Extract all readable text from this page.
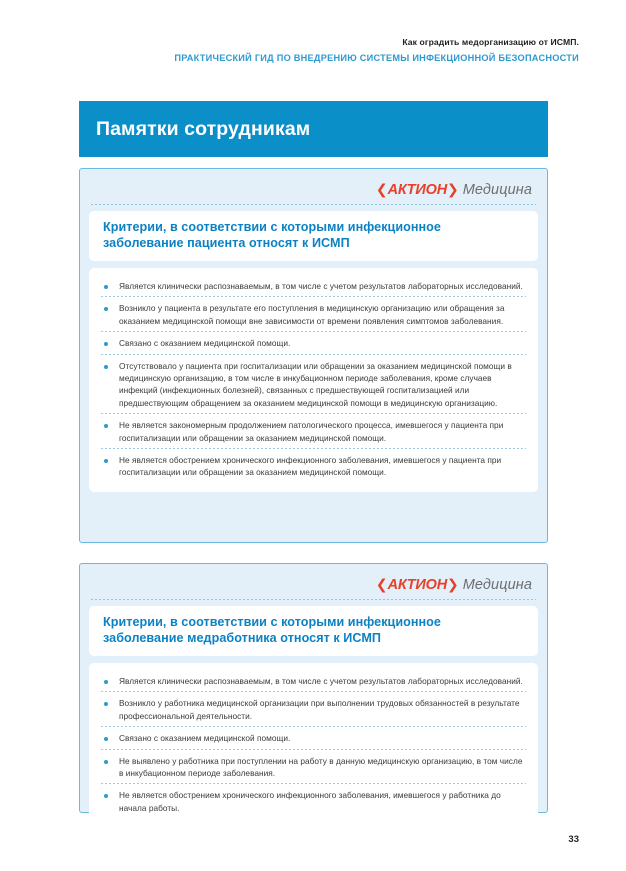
Как оградить медорганизацию от ИСМП.
ПРАКТИЧЕСКИЙ ГИД ПО ВНЕДРЕНИЮ СИСТЕМЫ ИНФЕКЦИОННОЙ БЕЗОПАСНОСТИ
Памятки сотрудникам
❮ АКТИОН ❯ Медицина
Критерии, в соответствии с которыми инфекционное заболевание пациента относят к ИСМП
Является клинически распознаваемым, в том числе с учетом результатов лабораторных исследований.
Возникло у пациента в результате его поступления в медицинскую организацию или обращения за оказанием медицинской помощи вне зависимости от времени появления симптомов заболевания.
Связано с оказанием медицинской помощи.
Отсутствовало у пациента при госпитализации или обращении за оказанием медицинской помощи в медицинскую организацию, в том числе в инкубационном периоде заболевания, кроме случаев инфекций (инфекционных болезней), связанных с предшествующей госпитализацией или предшествующим обращением за оказанием медицинской помощи в медицинскую организацию.
Не является закономерным продолжением патологического процесса, имевшегося у пациента при госпитализации или обращении за оказанием медицинской помощи.
Не является обострением хронического инфекционного заболевания, имевшегося у пациента при госпитализации или обращении за оказанием медицинской помощи.
❮ АКТИОН ❯ Медицина
Критерии, в соответствии с которыми инфекционное заболевание медработника относят к ИСМП
Является клинически распознаваемым, в том числе с учетом результатов лабораторных исследований.
Возникло у работника медицинской организации при выполнении трудовых обязанностей в результате профессиональной деятельности.
Связано с оказанием медицинской помощи.
Не выявлено у работника при поступлении на работу в данную медицинскую организацию, в том числе в инкубационном периоде заболевания.
Не является обострением хронического инфекционного заболевания, имевшегося у работника до начала работы.
33
